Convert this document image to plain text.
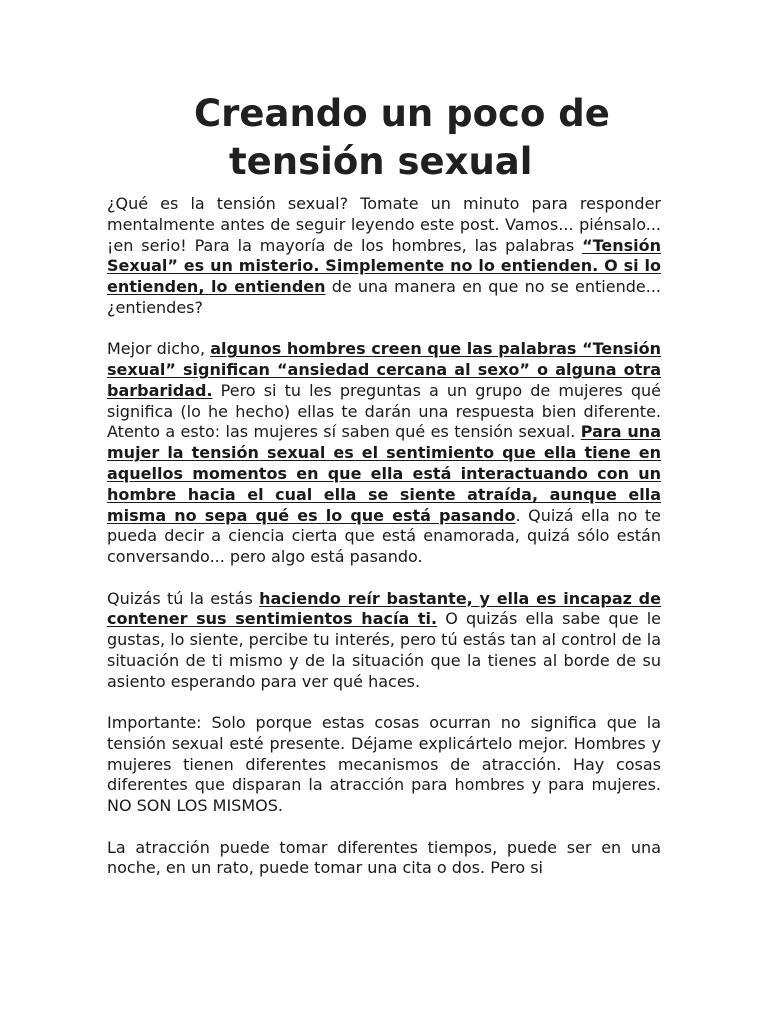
Creando un poco de
tensión sexual

¿Qué es la tensión sexual? Tomate un minuto para responder mentalmente antes de seguir leyendo este post. Vamos... piénsalo... ¡en serio! Para la mayoría de los hombres, las palabras “Tensión Sexual” es un misterio. Simplemente no lo entienden. O si lo entienden, lo entienden de una manera en que no se entiende... ¿entiendes?

Mejor dicho, algunos hombres creen que las palabras “Tensión sexual” significan “ansiedad cercana al sexo” o alguna otra barbaridad. Pero si tu les preguntas a un grupo de mujeres qué significa (lo he hecho) ellas te darán una respuesta bien diferente. Atento a esto: las mujeres sí saben qué es tensión sexual. Para una mujer la tensión sexual es el sentimiento que ella tiene en aquellos momentos en que ella está interactuando con un hombre hacia el cual ella se siente atraída, aunque ella misma no sepa qué es lo que está pasando. Quizá ella no te pueda decir a ciencia cierta que está enamorada, quizá sólo están conversando... pero algo está pasando.

Quizás tú la estás haciendo reír bastante, y ella es incapaz de contener sus sentimientos hacía ti. O quizás ella sabe que le gustas, lo siente, percibe tu interés, pero tú estás tan al control de la situación de ti mismo y de la situación que la tienes al borde de su asiento esperando para ver qué haces.

Importante: Solo porque estas cosas ocurran no significa que la tensión sexual esté presente. Déjame explicártelo mejor. Hombres y mujeres tienen diferentes mecanismos de atracción. Hay cosas diferentes que disparan la atracción para hombres y para mujeres. NO SON LOS MISMOS.

La atracción puede tomar diferentes tiempos, puede ser en una noche, en un rato, puede tomar una cita o dos. Pero si
